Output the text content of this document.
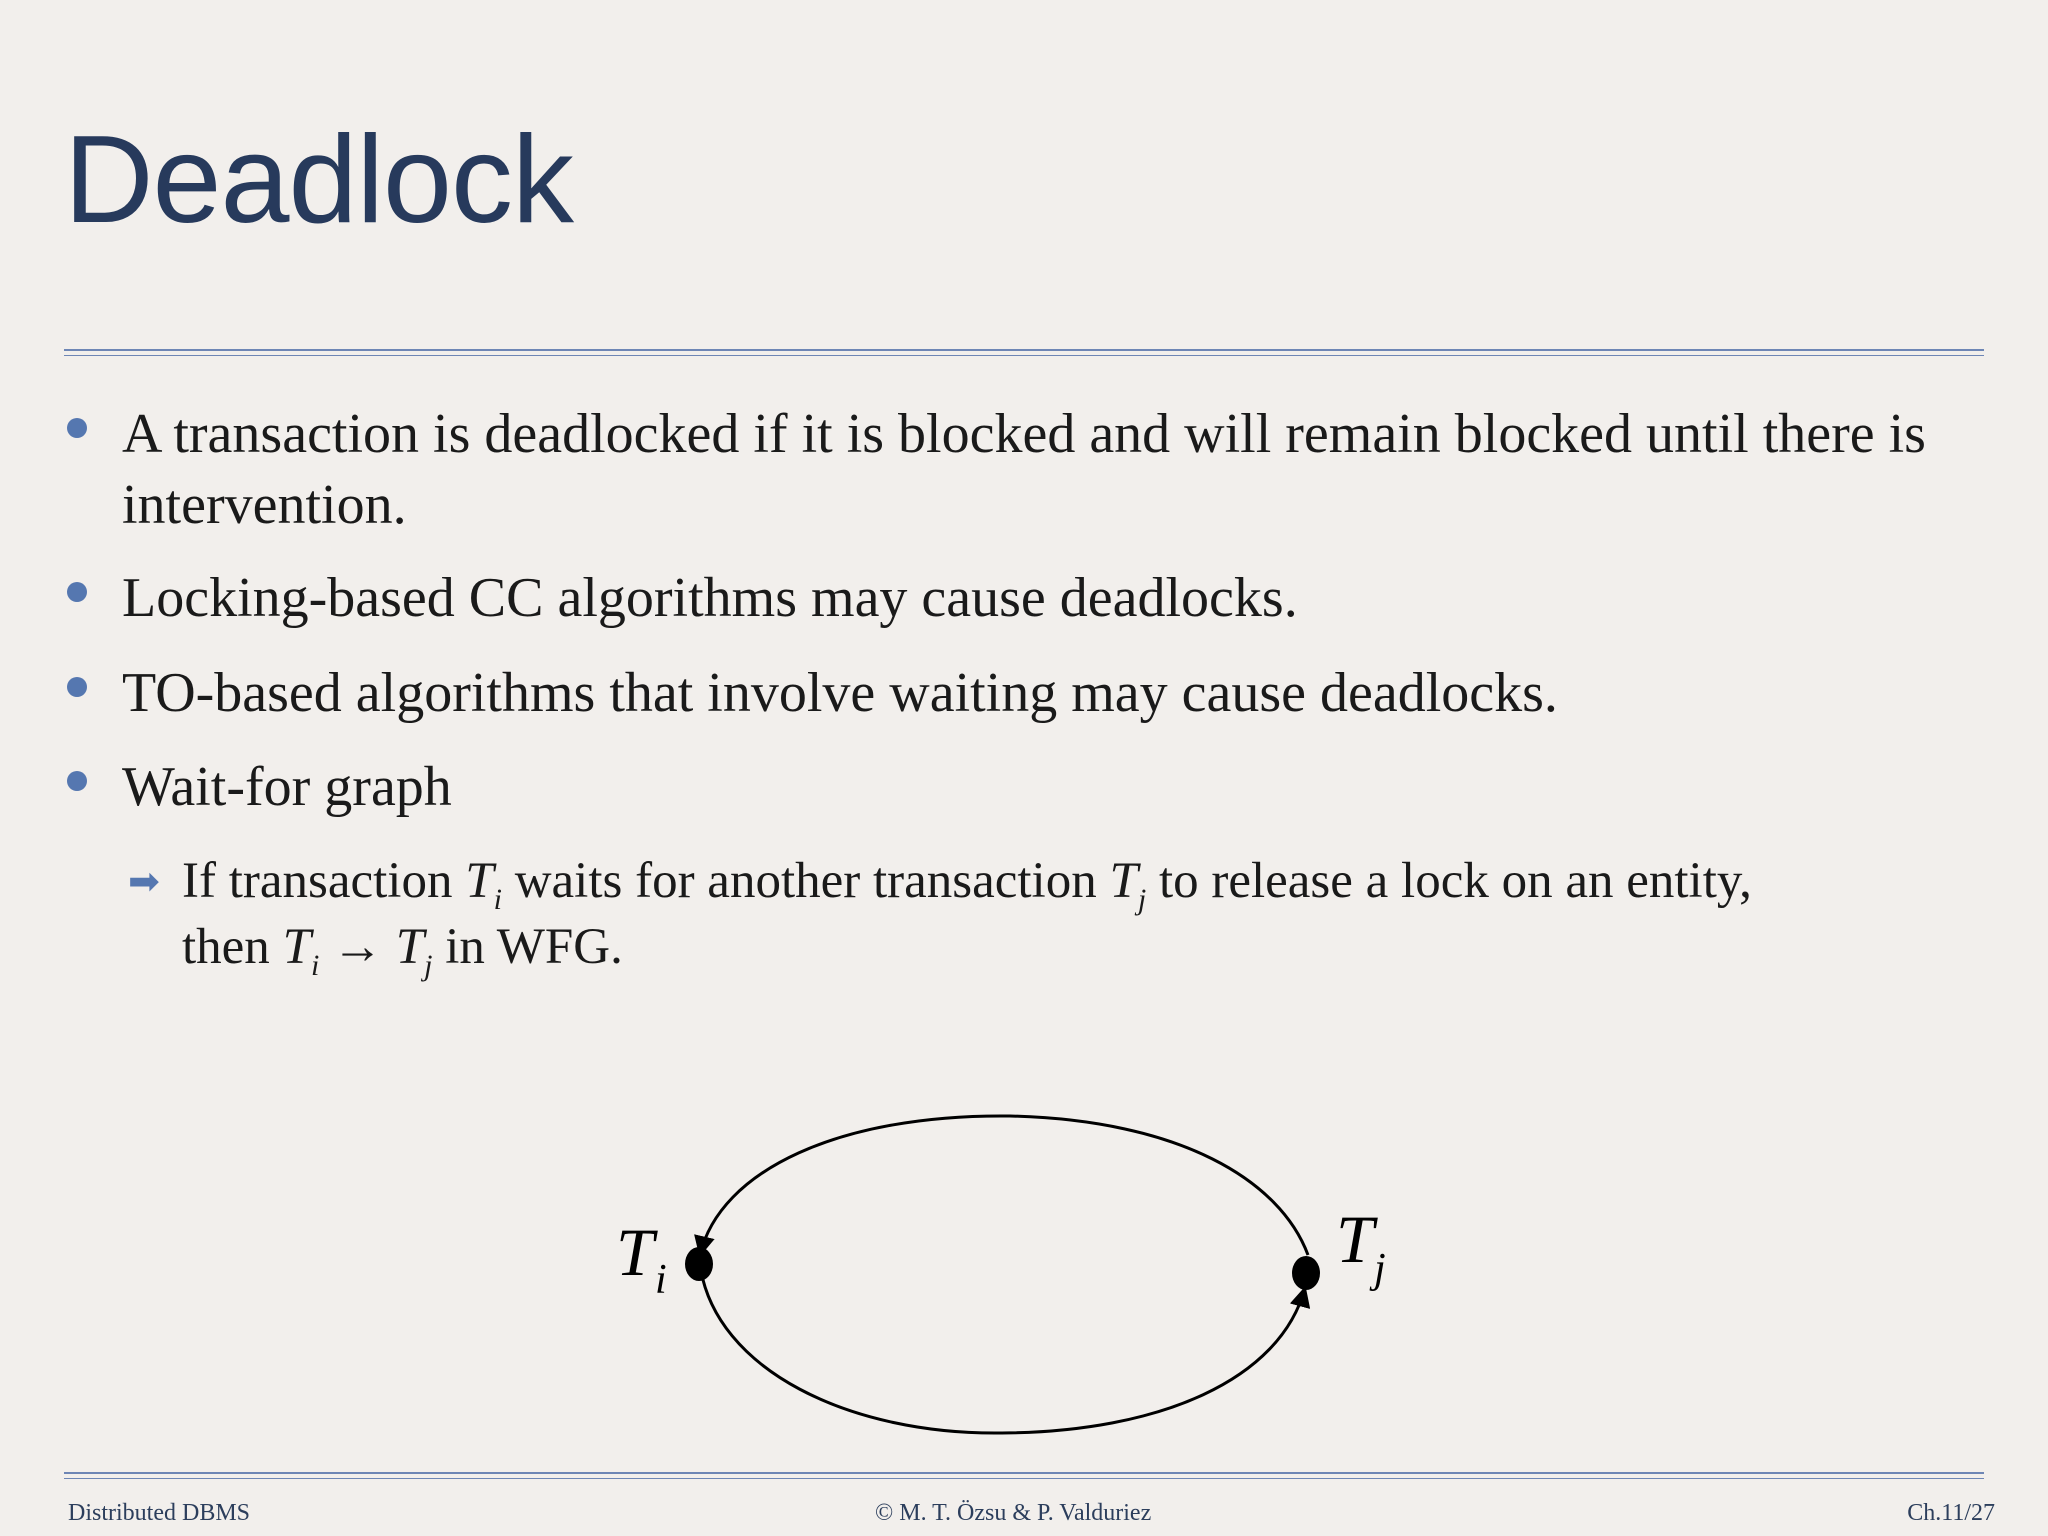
Deadlock
A transaction is deadlocked if it is blocked and will remain blocked until there is intervention.
Locking-based CC algorithms may cause deadlocks.
TO-based algorithms that involve waiting may cause deadlocks.
Wait-for graph
➡ If transaction $T_i$ waits for another transaction $T_j$ to release a lock on an entity, then $T_i \to T_j$ in WFG.
T i
T j
Distributed DBMS	© M. T. Özsu & P. Valduriez	Ch.11/27
